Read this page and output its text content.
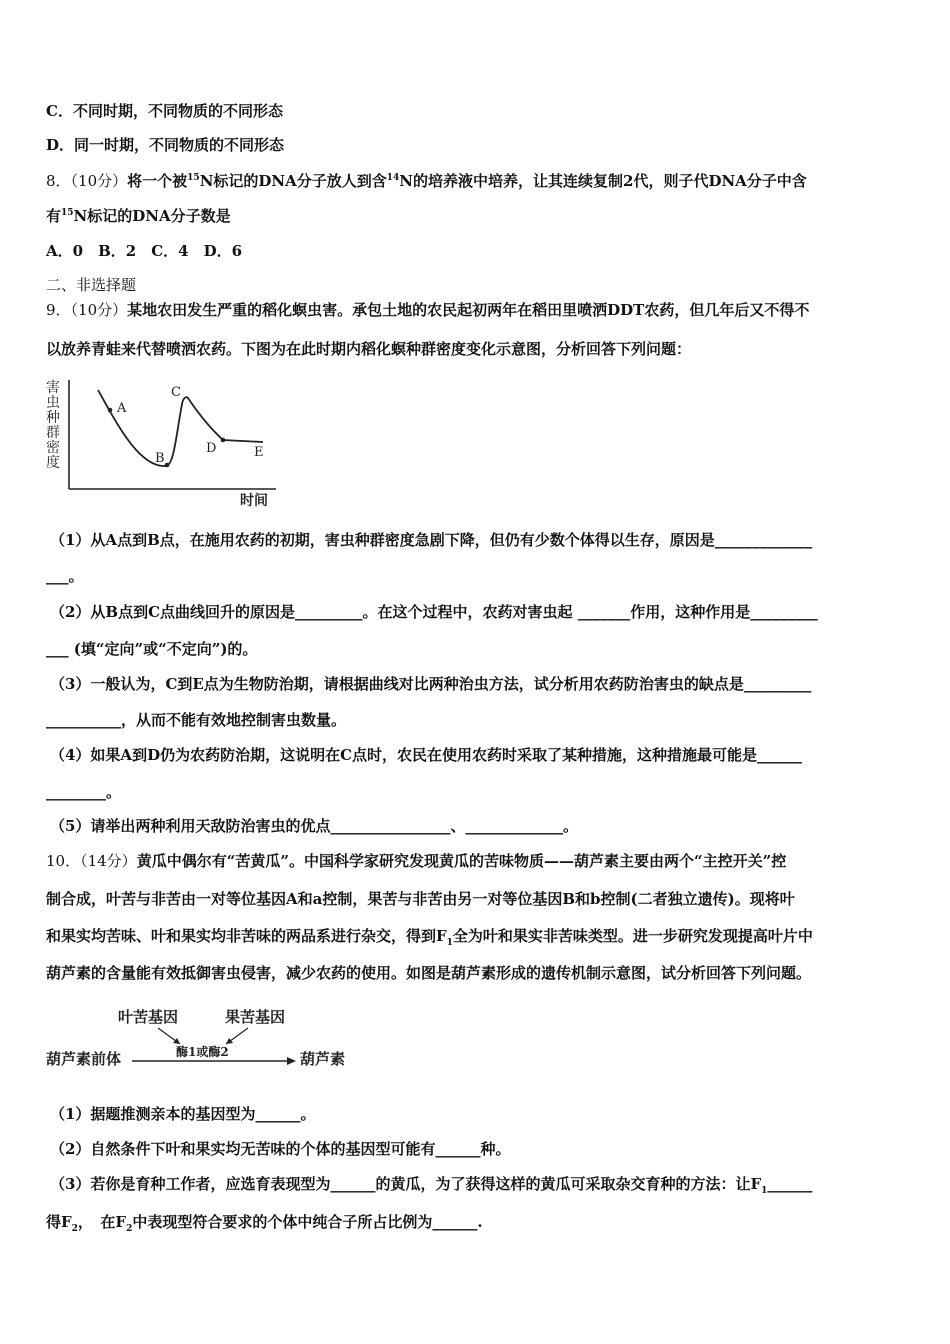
C．不同时期，不同物质的不同形态
D．同一时期，不同物质的不同形态
8．（10分）将一个被$^{15}$N标记的DNA分子放人到含$^{14}$N的培养液中培养，让其连续复制2代，则子代DNA分子中含
有$^{15}$N标记的DNA分子数是
A．0　B．2　C．4　D．6
二、非选择题
9．（10分）某地农田发生严重的稻化螟虫害。承包土地的农民起初两年在稻田里喷洒DDT农药，但几年后又不得不
以放养青蛙来代替喷洒农药。下图为在此时期内稻化螟种群密度变化示意图，分析回答下列问题：
害
虫
种
群
密
度
时间
A
B
C
D	E
（1）从A点到B点，在施用农药的初期，害虫种群密度急剧下降，但仍有少数个体得以生存，原因是_____________
___。
（2）从B点到C点曲线回升的原因是_________。在这个过程中，农药对害虫起 _______作用，这种作用是_________
___ (填“定向”或“不定向”)的。
（3）一般认为，C到E点为生物防治期，请根据曲线对比两种治虫方法，试分析用农药防治害虫的缺点是_________
__________，从而不能有效地控制害虫数量。
（4）如果A到D仍为农药防治期，这说明在C点时，农民在使用农药时采取了某种措施，这种措施最可能是______
________。
（5）请举出两种利用天敌防治害虫的优点________________、_____________。
10．（14分）黄瓜中偶尔有“苦黄瓜”。中国科学家研究发现黄瓜的苦味物质——葫芦素主要由两个“主控开关”控
制合成，叶苦与非苦由一对等位基因A和a控制，果苦与非苦由另一对等位基因B和b控制(二者独立遗传)。现将叶
和果实均苦味、叶和果实均非苦味的两品系进行杂交，得到$F_1$全为叶和果实非苦味类型。进一步研究发现提高叶片中
葫芦素的含量能有效抵御害虫侵害，减少农药的使用。如图是葫芦素形成的遗传机制示意图，试分析回答下列问题。
叶苦基因	果苦基因
葫芦素前体	葫芦素
酶1或酶2
（1）据题推测亲本的基因型为______。
（2）自然条件下叶和果实均无苦味的个体的基因型可能有______种。
（3）若你是育种工作者，应选育表现型为______的黄瓜，为了获得这样的黄瓜可采取杂交育种的方法：让$F_1\_\_\_\_\_\_$
得$F_2$，　在$F_2$中表现型符合要求的个体中纯合子所占比例为______.
